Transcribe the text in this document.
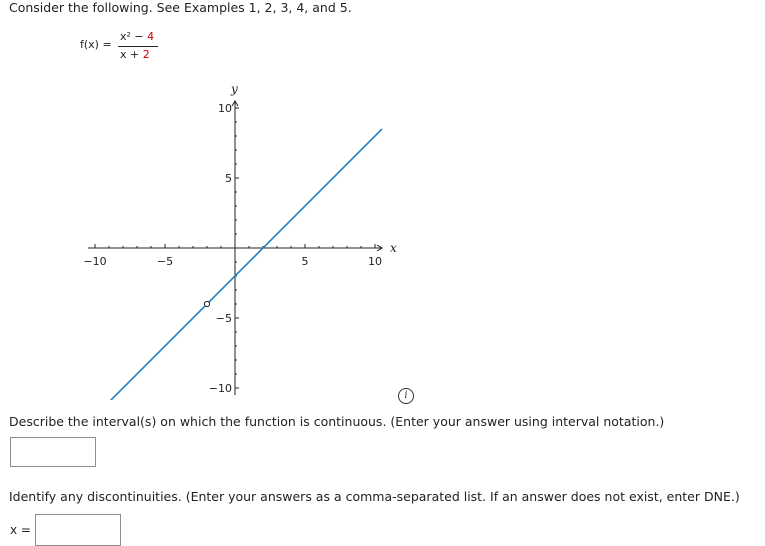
Consider the following. See Examples 1, 2, 3, 4, and 5.
f(x) =
x² − 4
x + 2
x
y
−10	−5	5	10
10
5
−5
−10
i
Describe the interval(s) on which the function is continuous. (Enter your answer using interval notation.)
Identify any discontinuities. (Enter your answers as a comma-separated list. If an answer does not exist, enter DNE.)
x =
